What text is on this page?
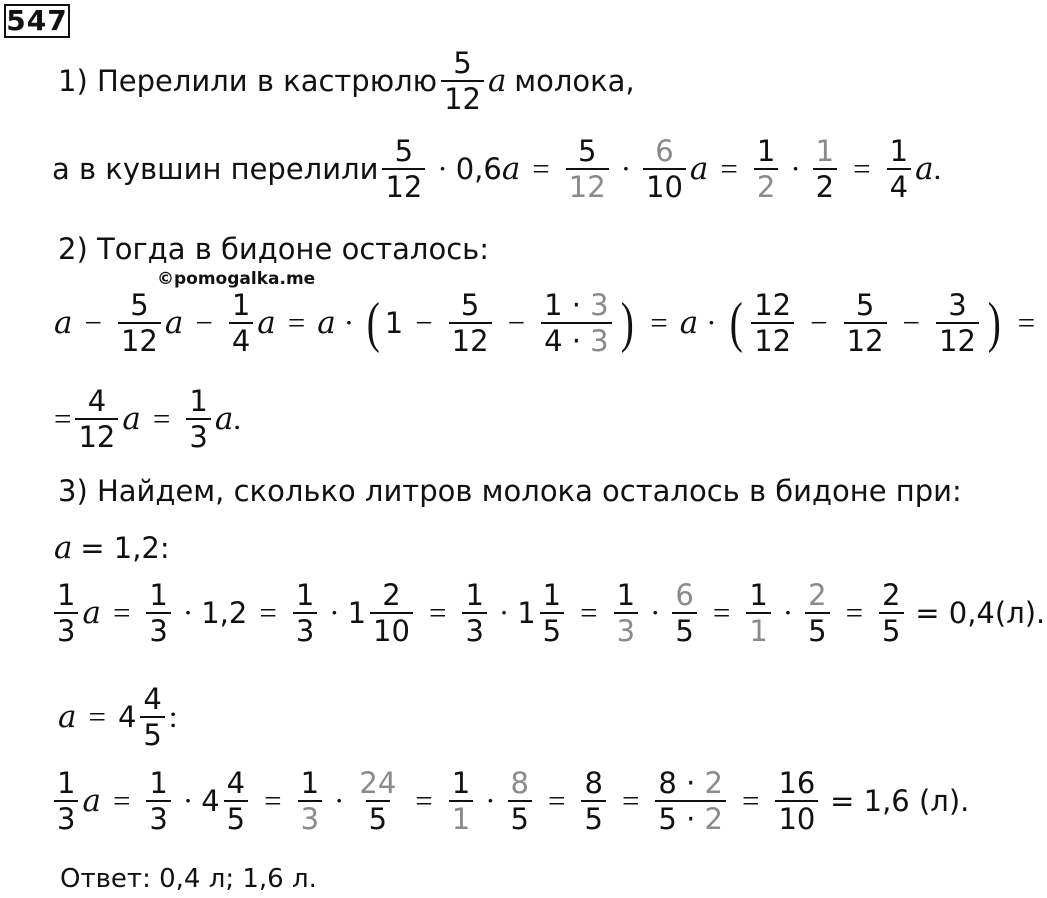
547
©pomogalka.me
1) Перелили в кастрюлю $\frac{5}{12}$ a
молока,
а в кувшин перелили $\frac{5}{12} \cdot 0,6$ $a = \frac{5}{12} \cdot \frac{6}{10}$ $a = \frac{1}{2} \cdot \frac{1}{2} = \frac{1}{4}$ a .
2) Тогда в бидоне осталось:
$a - \frac{5}{12}$ $a - \frac{1}{4}$ a = a · ( $1 - \frac{5}{12} - \frac{1 \cdot 3}{4 \cdot 3}$ ) = a · ( $\frac{12}{12} - \frac{5}{12} - \frac{3}{12}$ ) =
= $\frac{4}{12}$ $a = \frac{1}{3}$ a .
3) Найдем, сколько литров молока осталось в бидоне при:
a
= 1,2:
$\frac{1}{3}$ $a = \frac{1}{3} \cdot 1,2 = \frac{1}{3} \cdot 1 \frac{2}{10} = \frac{1}{3} \cdot 1 \frac{1}{5} = \frac{1}{3} \cdot \frac{6}{5} = \frac{1}{1} \cdot \frac{2}{5} = \frac{2}{5}$
= 0,4(л).
$a = 4 \frac{4}{5}$ :
$\frac{1}{3}$ $a = \frac{1}{3} \cdot 4 \frac{4}{5} = \frac{1}{3} \cdot \frac{24}{5} = \frac{1}{1} \cdot \frac{8}{5} = \frac{8}{5} = \frac{8 \cdot 2}{5 \cdot 2} = \frac{16}{10}$
= 1,6 (л).
Ответ: 0,4 л; 1,6 л.
